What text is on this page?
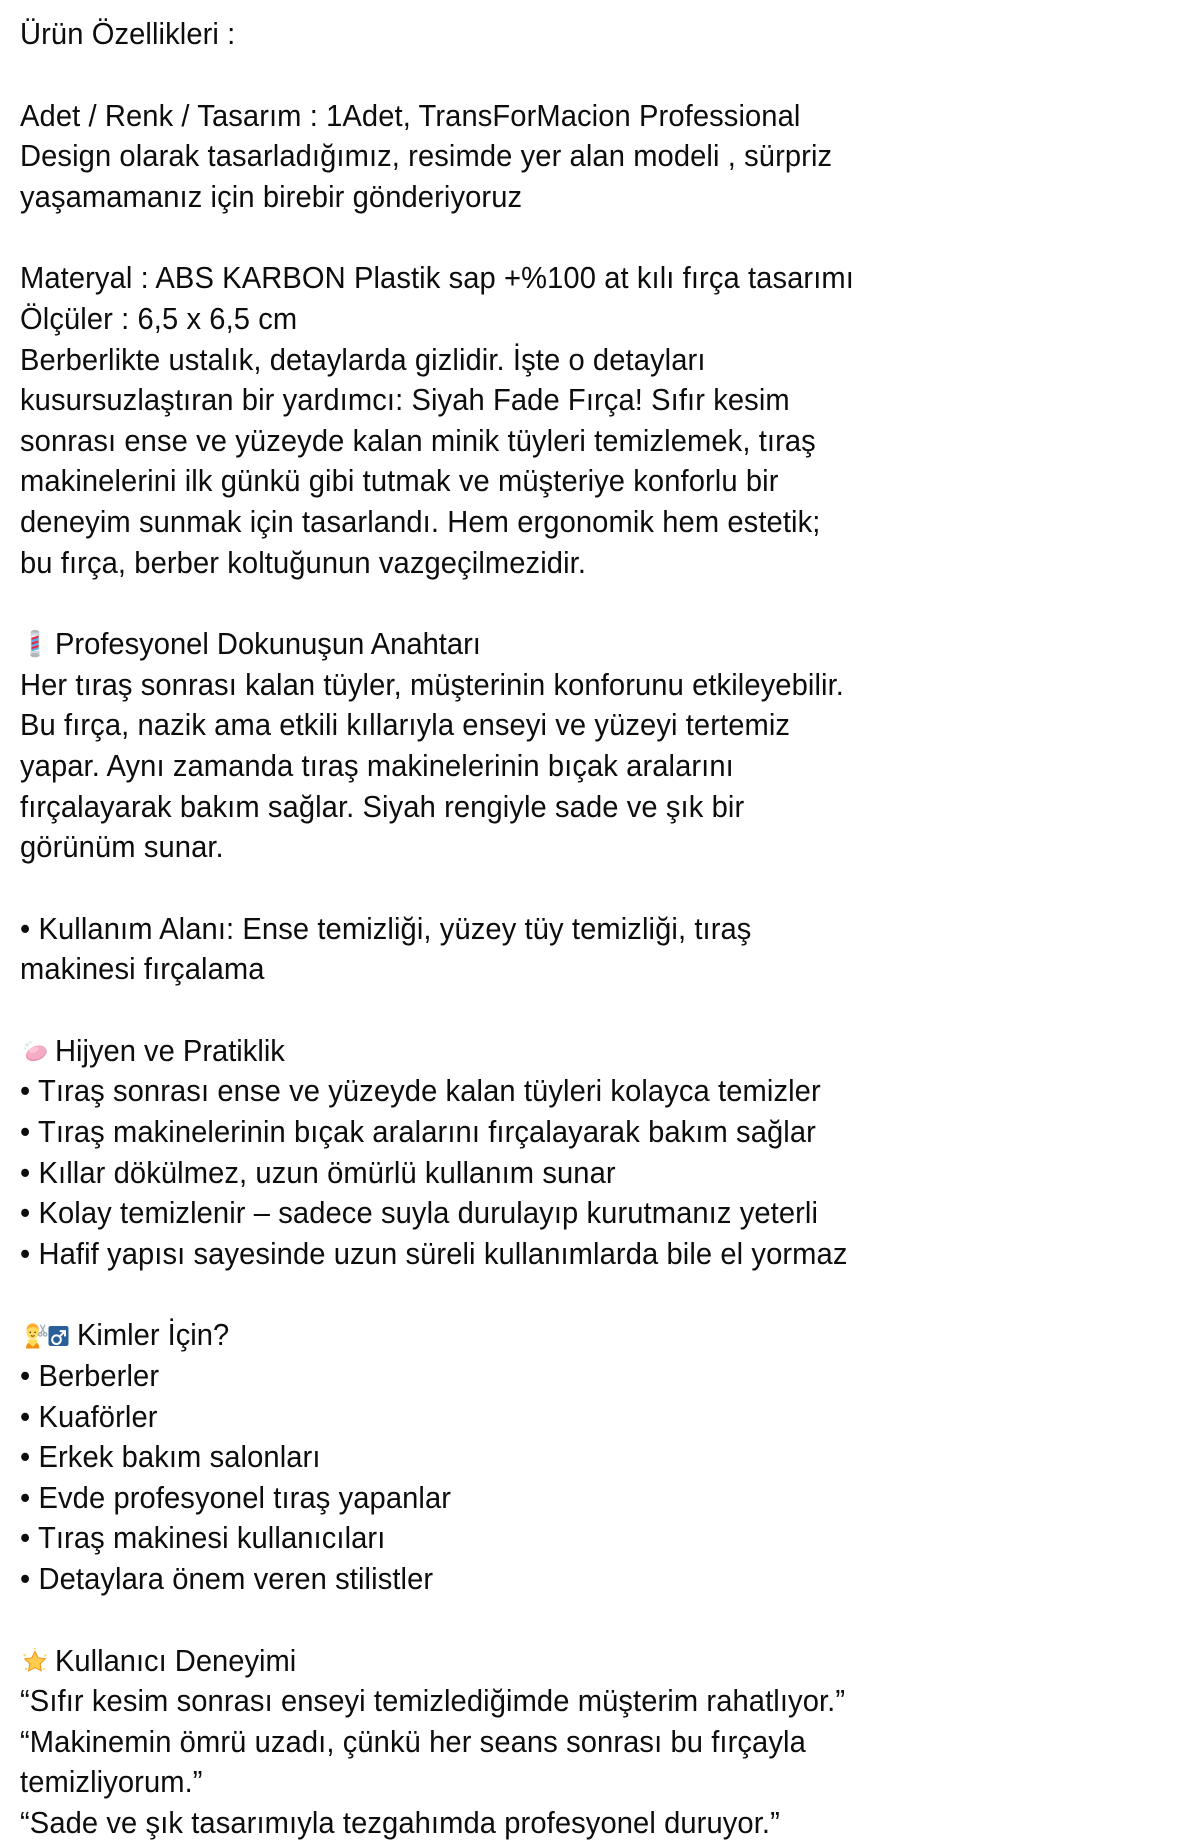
Ürün Özellikleri :
Adet / Renk / Tasarım : 1Adet, TransForMacion Professional
Design olarak tasarladığımız, resimde yer alan modeli , sürpriz
yaşamamanız için birebir gönderiyoruz
Materyal : ABS KARBON Plastik sap +%100 at kılı fırça tasarımı
Ölçüler : 6,5 x 6,5 cm
Berberlikte ustalık, detaylarda gizlidir. İşte o detayları
kusursuzlaştıran bir yardımcı: Siyah Fade Fırça! Sıfır kesim
sonrası ense ve yüzeyde kalan minik tüyleri temizlemek, tıraş
makinelerini ilk günkü gibi tutmak ve müşteriye konforlu bir
deneyim sunmak için tasarlandı. Hem ergonomik hem estetik;
bu fırça, berber koltuğunun vazgeçilmezidir.
Profesyonel Dokunuşun Anahtarı
Her tıraş sonrası kalan tüyler, müşterinin konforunu etkileyebilir.
Bu fırça, nazik ama etkili kıllarıyla enseyi ve yüzeyi tertemiz
yapar. Aynı zamanda tıraş makinelerinin bıçak aralarını
fırçalayarak bakım sağlar. Siyah rengiyle sade ve şık bir
görünüm sunar.
• Kullanım Alanı: Ense temizliği, yüzey tüy temizliği, tıraş
makinesi fırçalama
Hijyen ve Pratiklik
• Tıraş sonrası ense ve yüzeyde kalan tüyleri kolayca temizler
• Tıraş makinelerinin bıçak aralarını fırçalayarak bakım sağlar
• Kıllar dökülmez, uzun ömürlü kullanım sunar
• Kolay temizlenir – sadece suyla durulayıp kurutmanız yeterli
• Hafif yapısı sayesinde uzun süreli kullanımlarda bile el yormaz
Kimler İçin?
• Berberler
• Kuaförler
• Erkek bakım salonları
• Evde profesyonel tıraş yapanlar
• Tıraş makinesi kullanıcıları
• Detaylara önem veren stilistler
Kullanıcı Deneyimi
“Sıfır kesim sonrası enseyi temizlediğimde müşterim rahatlıyor.”
“Makinemin ömrü uzadı, çünkü her seans sonrası bu fırçayla
temizliyorum.”
“Sade ve şık tasarımıyla tezgahımda profesyonel duruyor.”
